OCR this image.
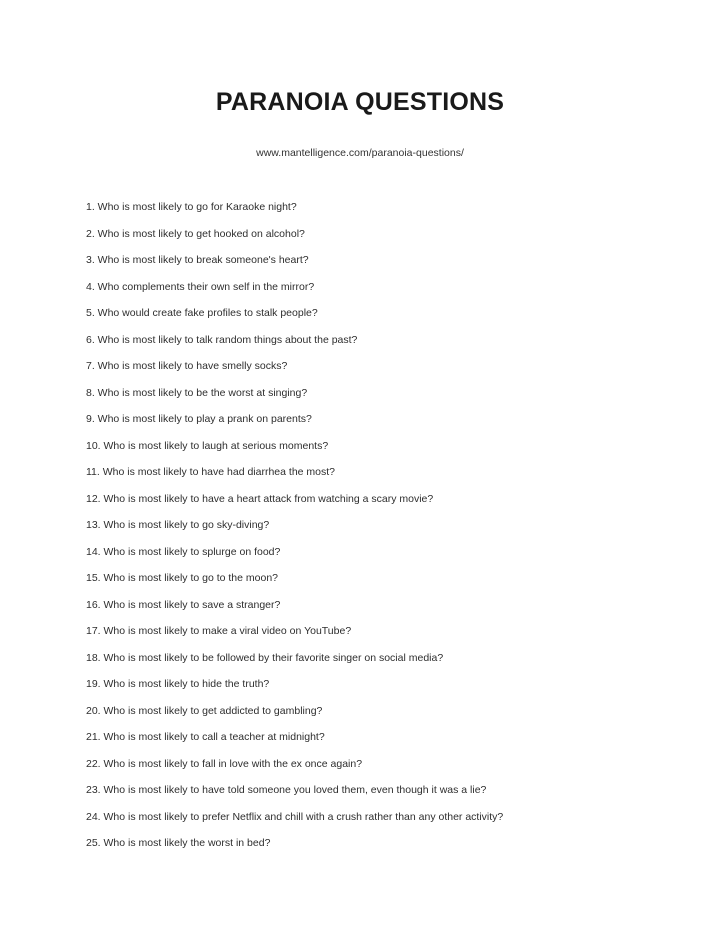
PARANOIA QUESTIONS

www.mantelligence.com/paranoia-questions/

1. Who is most likely to go for Karaoke night?
2. Who is most likely to get hooked on alcohol?
3. Who is most likely to break someone's heart?
4. Who complements their own self in the mirror?
5. Who would create fake profiles to stalk people?
6. Who is most likely to talk random things about the past?
7. Who is most likely to have smelly socks?
8. Who is most likely to be the worst at singing?
9. Who is most likely to play a prank on parents?
10. Who is most likely to laugh at serious moments?
11. Who is most likely to have had diarrhea the most?
12. Who is most likely to have a heart attack from watching a scary movie?
13. Who is most likely to go sky-diving?
14. Who is most likely to splurge on food?
15. Who is most likely to go to the moon?
16. Who is most likely to save a stranger?
17. Who is most likely to make a viral video on YouTube?
18. Who is most likely to be followed by their favorite singer on social media?
19. Who is most likely to hide the truth?
20. Who is most likely to get addicted to gambling?
21. Who is most likely to call a teacher at midnight?
22. Who is most likely to fall in love with the ex once again?
23. Who is most likely to have told someone you loved them, even though it was a lie?
24. Who is most likely to prefer Netflix and chill with a crush rather than any other activity?
25. Who is most likely the worst in bed?
